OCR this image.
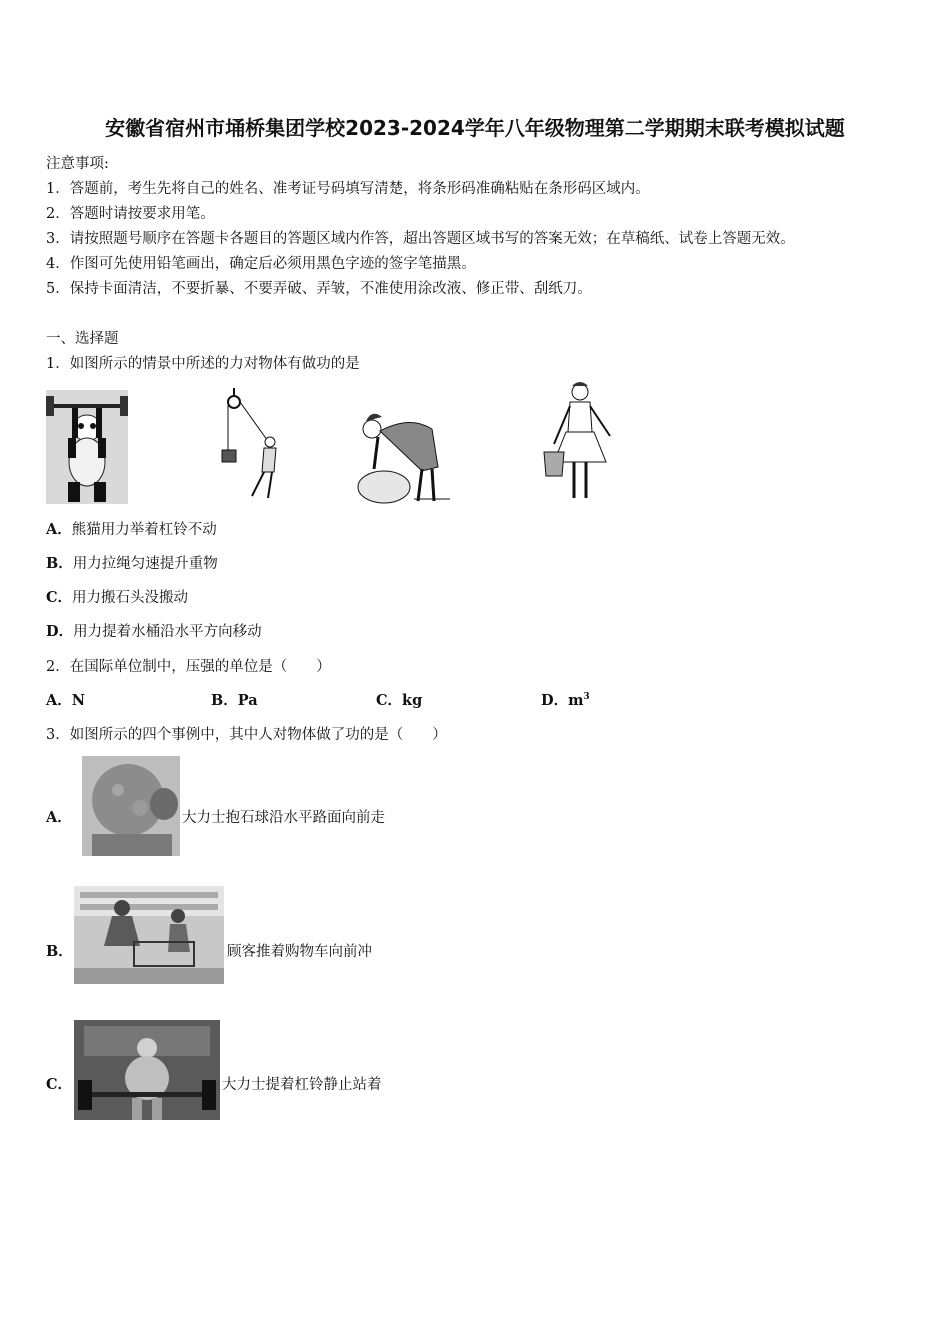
安徽省宿州市埇桥集团学校2023-2024学年八年级物理第二学期期末联考模拟试题
注意事项:
1．答题前，考生先将自己的姓名、准考证号码填写清楚，将条形码准确粘贴在条形码区域内。
2．答题时请按要求用笔。
3．请按照题号顺序在答题卡各题目的答题区域内作答，超出答题区域书写的答案无效；在草稿纸、试卷上答题无效。
4．作图可先使用铅笔画出，确定后必须用黑色字迹的签字笔描黑。
5．保持卡面清洁，不要折暴、不要弄破、弄皱，不准使用涂改液、修正带、刮纸刀。
一、选择题
1．如图所示的情景中所述的力对物体有做功的是
A．熊猫用力举着杠铃不动
B．用力拉绳匀速提升重物
C．用力搬石头没搬动
D．用力提着水桶沿水平方向移动
2．在国际单位制中，压强的单位是（　　）
A．N	B．Pa	C．kg	D．$m^3$
3．如图所示的四个事例中，其中人对物体做了功的是（　　）
A．	大力士抱石球沿水平路面向前走
B．	顾客推着购物车向前冲
C．	大力士提着杠铃静止站着
